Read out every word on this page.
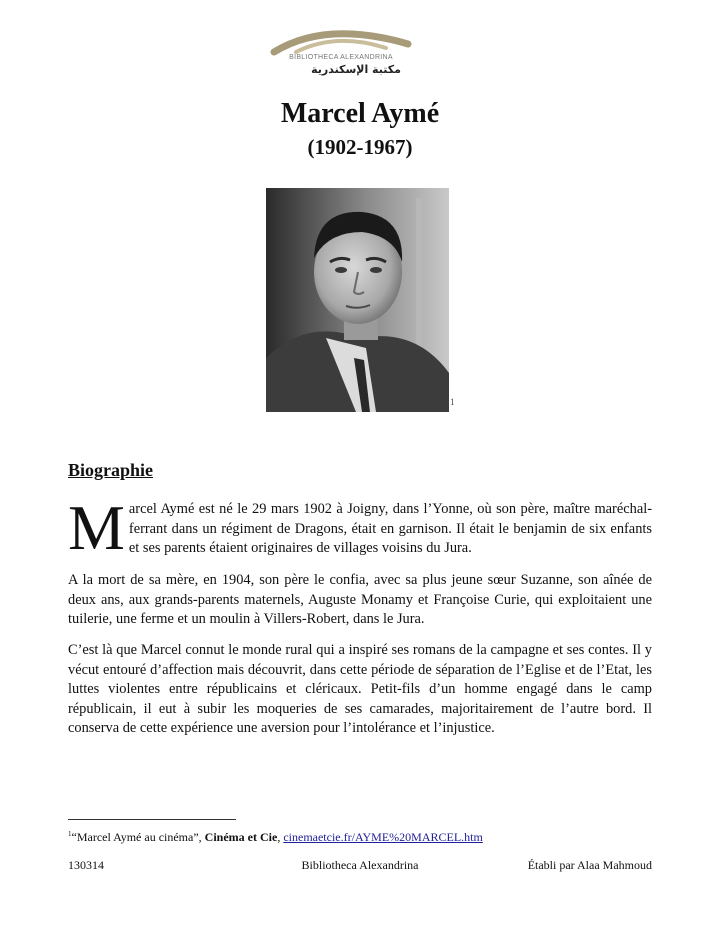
BIBLIOTHECA ALEXANDRINA
مكتبة الإسكندرية
Marcel Aymé
(1902-1967)
1
Biographie

M arcel Aymé est né le 29 mars 1902 à Joigny, dans l’Yonne, où son père, maître maréchal-ferrant dans un régiment de Dragons, était en garnison. Il était le benjamin de six enfants et ses parents étaient originaires de villages voisins du Jura.

A la mort de sa mère, en 1904, son père le confia, avec sa plus jeune sœur Suzanne, son aînée de deux ans, aux grands-parents maternels, Auguste Monamy et Françoise Curie, qui exploitaient une tuilerie, une ferme et un moulin à Villers-Robert, dans le Jura.

C’est là que Marcel connut le monde rural qui a inspiré ses romans de la campagne et ses contes. Il y vécut entouré d’affection mais découvrit, dans cette période de séparation de l’Eglise et de l’Etat, les luttes violentes entre républicains et cléricaux. Petit-fils d’un homme engagé dans le camp républicain, il eut à subir les moqueries de ses camarades, majoritairement de l’autre bord. Il conserva de cette expérience une aversion pour l’intolérance et l’injustice.

$^1$“Marcel Aymé au cinéma”, Cinéma et Cie, cinemaetcie.fr/AYME%20MARCEL.htm
Bibliotheca Alexandrina
130314	Établi par Alaa Mahmoud
